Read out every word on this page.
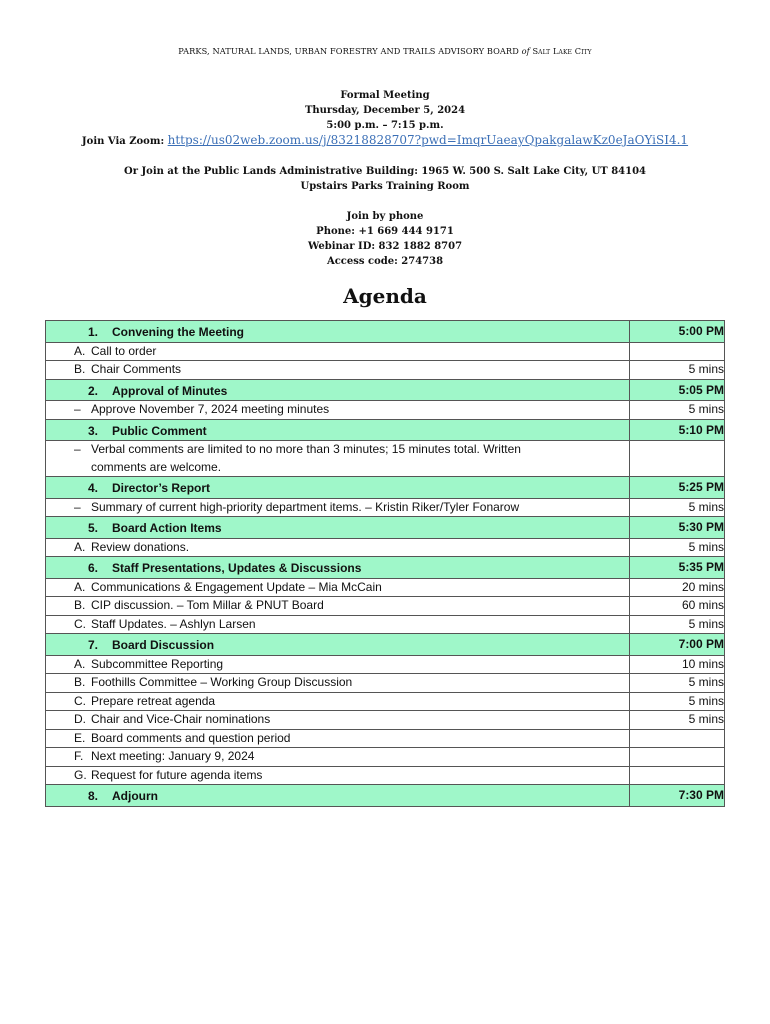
PARKS, NATURAL LANDS, URBAN FORESTRY AND TRAILS ADVISORY BOARD of Salt Lake City
Formal Meeting
Thursday, December 5, 2024
5:00 p.m. – 7:15 p.m.
Join Via Zoom: https://us02web.zoom.us/j/83218828707?pwd=ImqrUaeayQpakgalawKz0eJaOYiSI4.1
Or Join at the Public Lands Administrative Building: 1965 W. 500 S. Salt Lake City, UT 84104
Upstairs Parks Training Room
Join by phone
Phone: +1 669 444 9171
Webinar ID: 832 1882 8707
Access code: 274738
Agenda
1. Convening the Meeting	5:00 PM
A. Call to order	
B. Chair Comments	5 mins
2. Approval of Minutes	5:05 PM
– Approve November 7, 2024 meeting minutes	5 mins
3. Public Comment	5:10 PM
– Verbal comments are limited to no more than 3 minutes; 15 minutes total. Written comments are welcome.	
4. Director’s Report	5:25 PM
– Summary of current high-priority department items. – Kristin Riker/Tyler Fonarow	5 mins
5. Board Action Items	5:30 PM
A. Review donations.	5 mins
6. Staff Presentations, Updates & Discussions	5:35 PM
A. Communications & Engagement Update – Mia McCain	20 mins
B. CIP discussion. – Tom Millar & PNUT Board	60 mins
C. Staff Updates. – Ashlyn Larsen	5 mins
7. Board Discussion	7:00 PM
A. Subcommittee Reporting	10 mins
B. Foothills Committee – Working Group Discussion	5 mins
C. Prepare retreat agenda	5 mins
D. Chair and Vice-Chair nominations	5 mins
E. Board comments and question period	
F. Next meeting: January 9, 2024	
G. Request for future agenda items	
8. Adjourn	7:30 PM
